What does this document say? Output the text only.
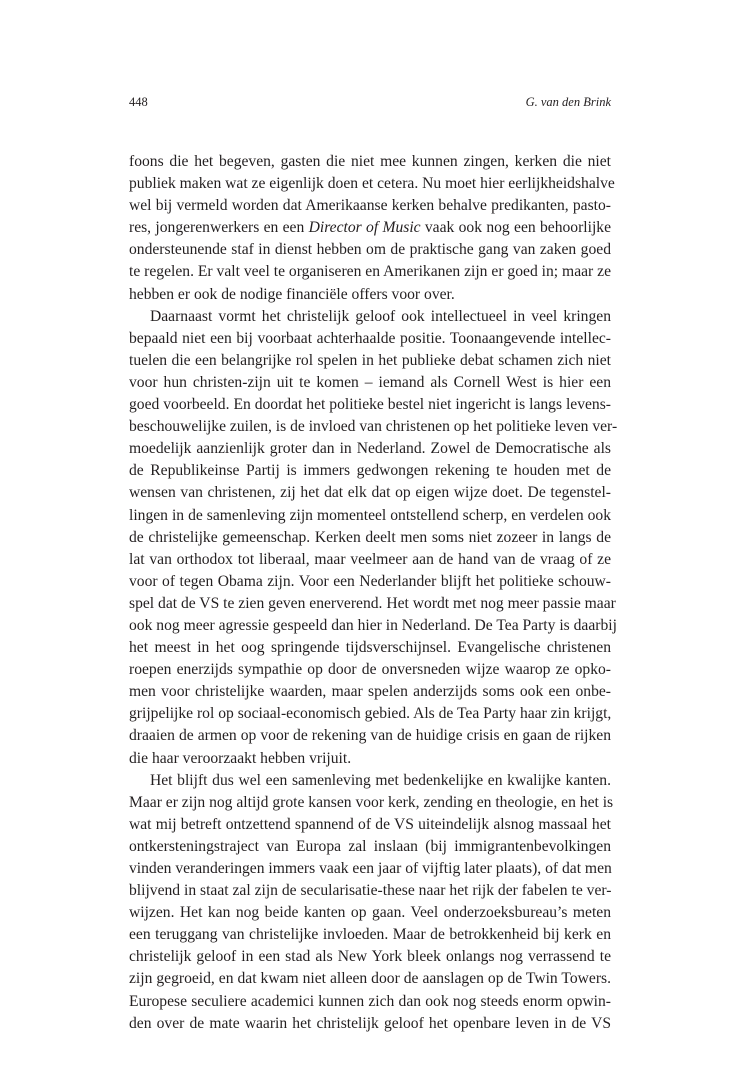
448	G. van den Brink
foons die het begeven, gasten die niet mee kunnen zingen, kerken die niet
publiek maken wat ze eigenlijk doen et cetera. Nu moet hier eerlijkheidshalve
wel bij vermeld worden dat Amerikaanse kerken behalve predikanten, pasto-
res, jongerenwerkers en een Director of Music vaak ook nog een behoorlijke
ondersteunende staf in dienst hebben om de praktische gang van zaken goed
te regelen. Er valt veel te organiseren en Amerikanen zijn er goed in; maar ze
hebben er ook de nodige financiële offers voor over.
Daarnaast vormt het christelijk geloof ook intellectueel in veel kringen
bepaald niet een bij voorbaat achterhaalde positie. Toonaangevende intellec-
tuelen die een belangrijke rol spelen in het publieke debat schamen zich niet
voor hun christen-zijn uit te komen – iemand als Cornell West is hier een
goed voorbeeld. En doordat het politieke bestel niet ingericht is langs levens-
beschouwelijke zuilen, is de invloed van christenen op het politieke leven ver-
moedelijk aanzienlijk groter dan in Nederland. Zowel de Democratische als
de Republikeinse Partij is immers gedwongen rekening te houden met de
wensen van christenen, zij het dat elk dat op eigen wijze doet. De tegenstel-
lingen in de samenleving zijn momenteel ontstellend scherp, en verdelen ook
de christelijke gemeenschap. Kerken deelt men soms niet zozeer in langs de
lat van orthodox tot liberaal, maar veelmeer aan de hand van de vraag of ze
voor of tegen Obama zijn. Voor een Nederlander blijft het politieke schouw-
spel dat de VS te zien geven enerverend. Het wordt met nog meer passie maar
ook nog meer agressie gespeeld dan hier in Nederland. De Tea Party is daarbij
het meest in het oog springende tijdsverschijnsel. Evangelische christenen
roepen enerzijds sympathie op door de onversneden wijze waarop ze opko-
men voor christelijke waarden, maar spelen anderzijds soms ook een onbe-
grijpelijke rol op sociaal-economisch gebied. Als de Tea Party haar zin krijgt,
draaien de armen op voor de rekening van de huidige crisis en gaan de rijken
die haar veroorzaakt hebben vrijuit.
Het blijft dus wel een samenleving met bedenkelijke en kwalijke kanten.
Maar er zijn nog altijd grote kansen voor kerk, zending en theologie, en het is
wat mij betreft ontzettend spannend of de VS uiteindelijk alsnog massaal het
ontkersteningstraject van Europa zal inslaan (bij immigrantenbevolkingen
vinden veranderingen immers vaak een jaar of vijftig later plaats), of dat men
blijvend in staat zal zijn de secularisatie-these naar het rijk der fabelen te ver-
wijzen. Het kan nog beide kanten op gaan. Veel onderzoeksbureau’s meten
een teruggang van christelijke invloeden. Maar de betrokkenheid bij kerk en
christelijk geloof in een stad als New York bleek onlangs nog verrassend te
zijn gegroeid, en dat kwam niet alleen door de aanslagen op de Twin Towers.
Europese seculiere academici kunnen zich dan ook nog steeds enorm opwin-
den over de mate waarin het christelijk geloof het openbare leven in de VS
